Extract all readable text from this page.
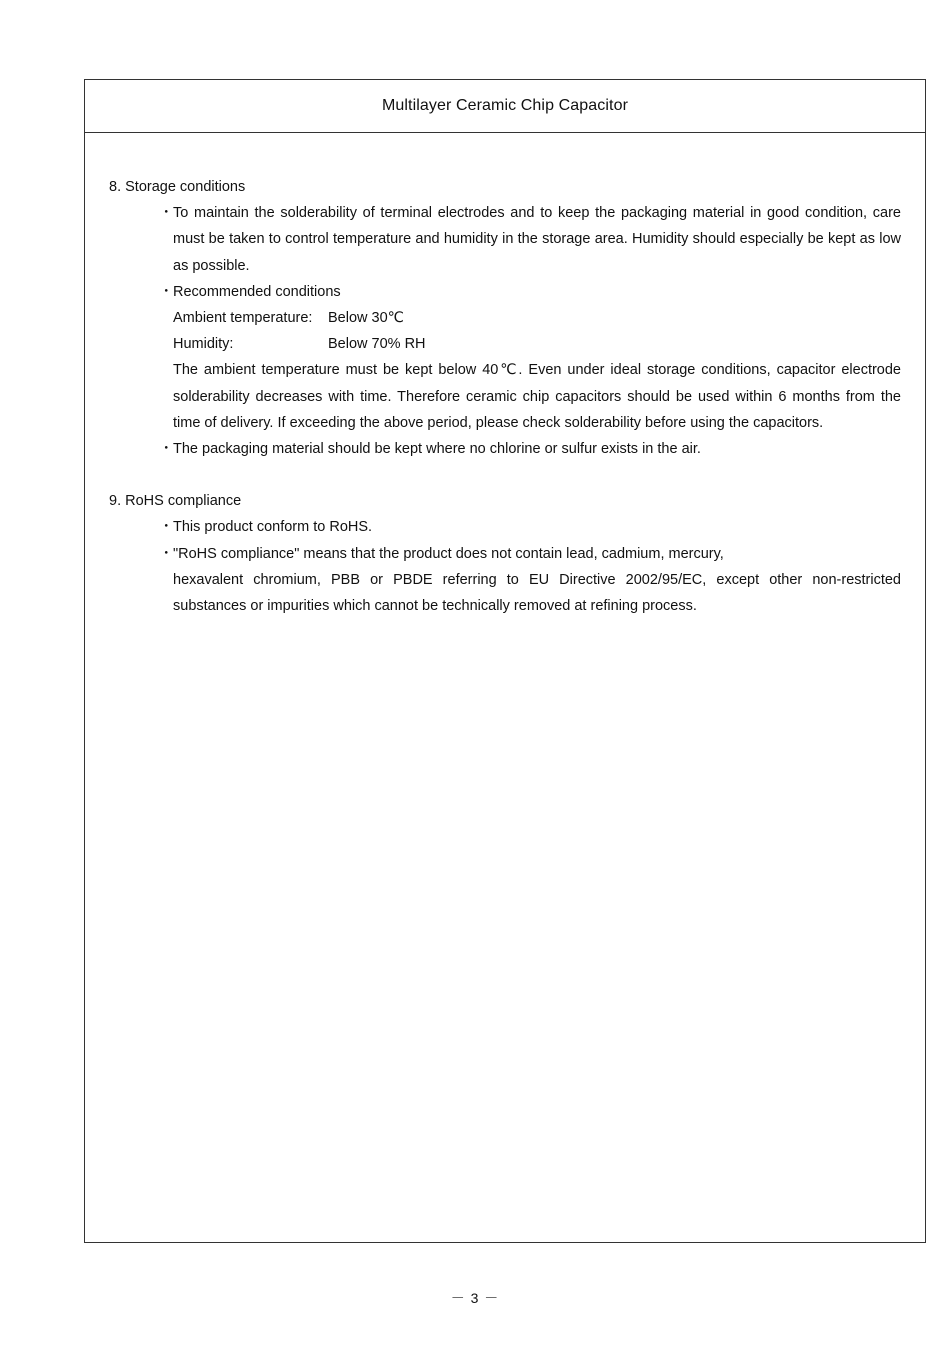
Multilayer Ceramic Chip Capacitor

8. Storage conditions

・ To maintain the solderability of terminal electrodes and to keep the packaging material in good condition, care must be taken to control temperature and humidity in the storage area. Humidity should especially be kept as low as possible.
・ Recommended conditions
Ambient temperature:	Below 30℃
Humidity:	Below 70% RH

The ambient temperature must be kept below 40℃. Even under ideal storage conditions, capacitor electrode solderability decreases with time. Therefore ceramic chip capacitors should be used within 6 months from the time of delivery. If exceeding the above period, please check solderability before using the capacitors.

・ The packaging material should be kept where no chlorine or sulfur exists in the air.

9. RoHS compliance

・ This product conform to RoHS.
・ "RoHS compliance" means that the product does not contain lead, cadmium, mercury,

hexavalent chromium, PBB or PBDE referring to EU Directive 2002/95/EC, except other non-restricted substances or impurities which cannot be technically removed at refining process.

－ 3 －
